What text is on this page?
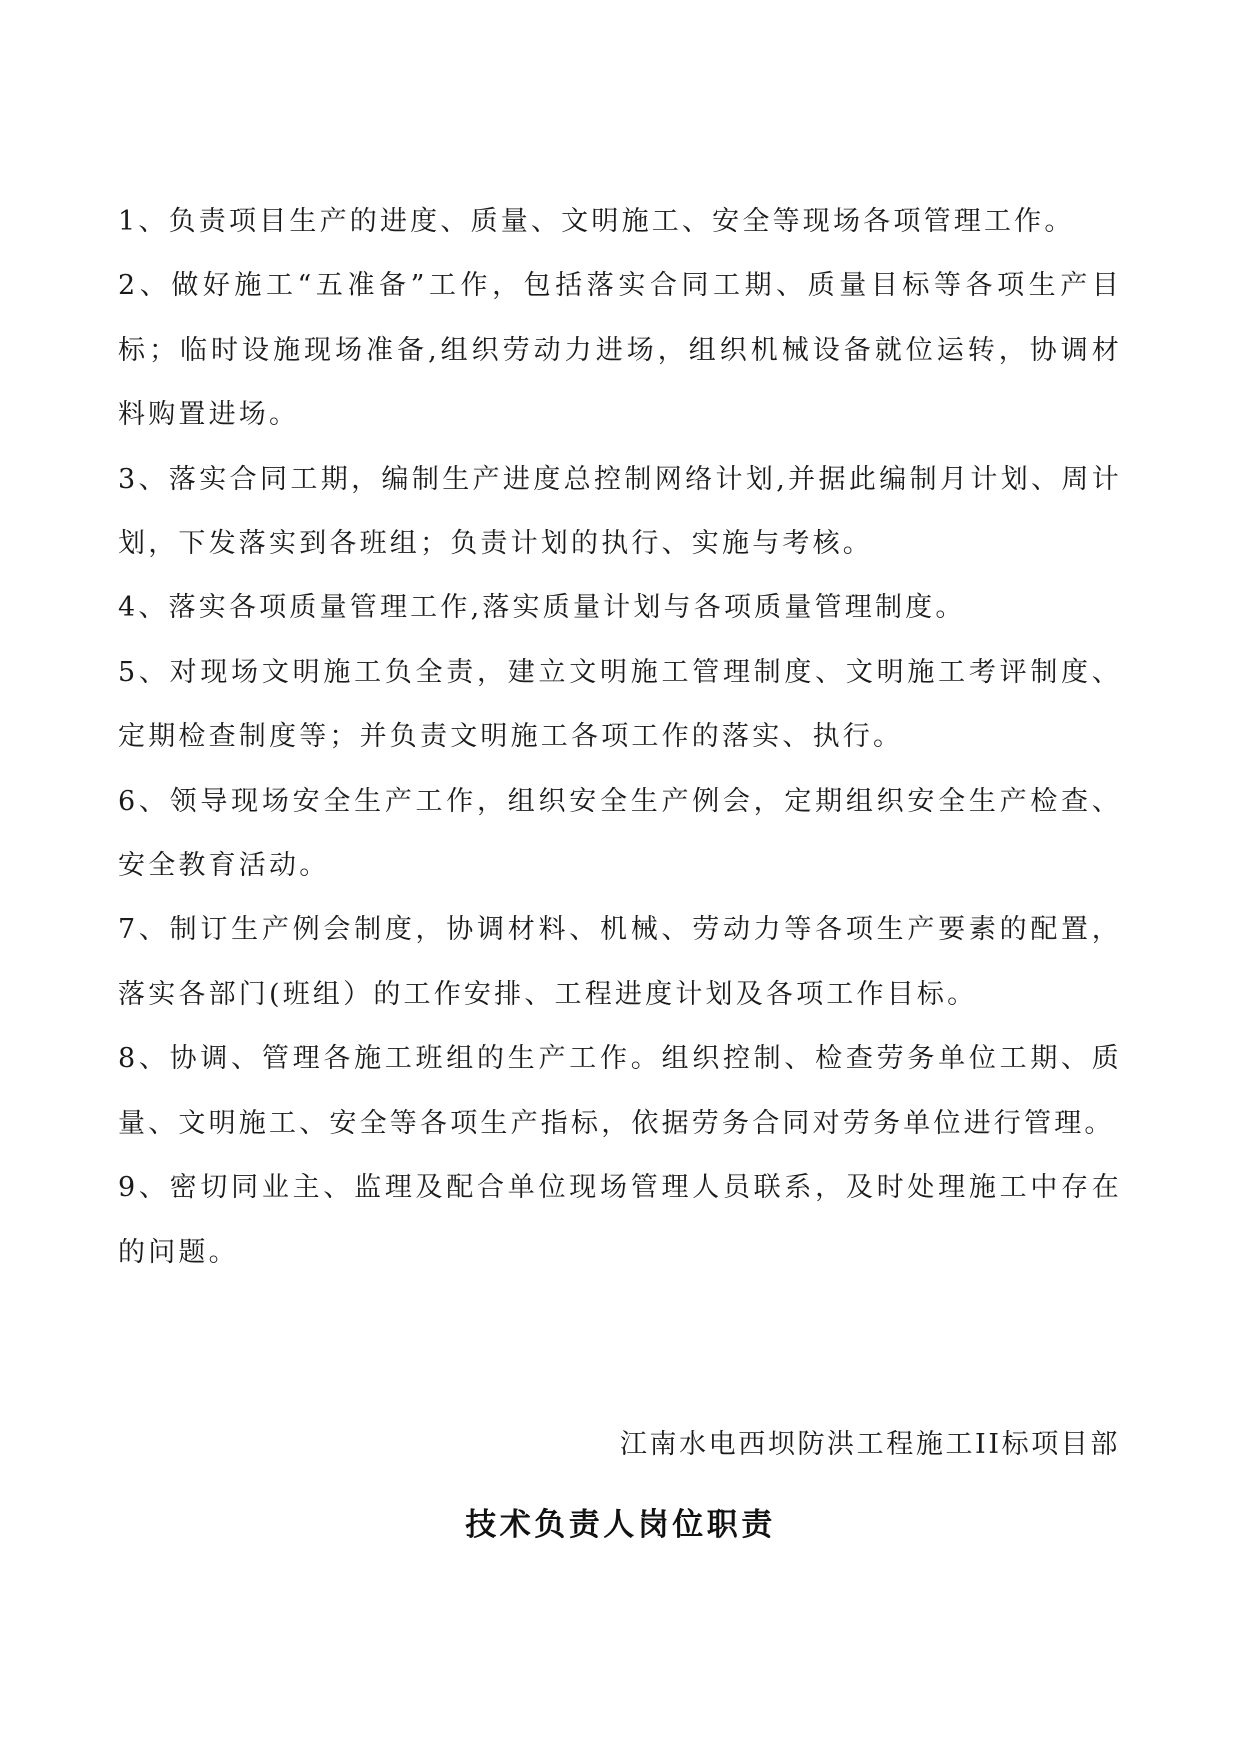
1、负责项目生产的进度、质量、文明施工、安全等现场各项管理工作。

2、做好施工“五准备”工作，包括落实合同工期、质量目标等各项生产目标；临时设施现场准备,组织劳动力进场，组织机械设备就位运转，协调材料购置进场。

3、落实合同工期，编制生产进度总控制网络计划,并据此编制月计划、周计划，下发落实到各班组；负责计划的执行、实施与考核。

4、落实各项质量管理工作,落实质量计划与各项质量管理制度。

5、对现场文明施工负全责，建立文明施工管理制度、文明施工考评制度、定期检查制度等；并负责文明施工各项工作的落实、执行。

6、领导现场安全生产工作，组织安全生产例会，定期组织安全生产检查、安全教育活动。

7、制订生产例会制度，协调材料、机械、劳动力等各项生产要素的配置，落实各部门(班组）的工作安排、工程进度计划及各项工作目标。

8、协调、管理各施工班组的生产工作。组织控制、检查劳务单位工期、质量、文明施工、安全等各项生产指标，依据劳务合同对劳务单位进行管理。

9、密切同业主、监理及配合单位现场管理人员联系，及时处理施工中存在的问题。

江南水电西坝防洪工程施工II标项目部
技术负责人岗位职责
